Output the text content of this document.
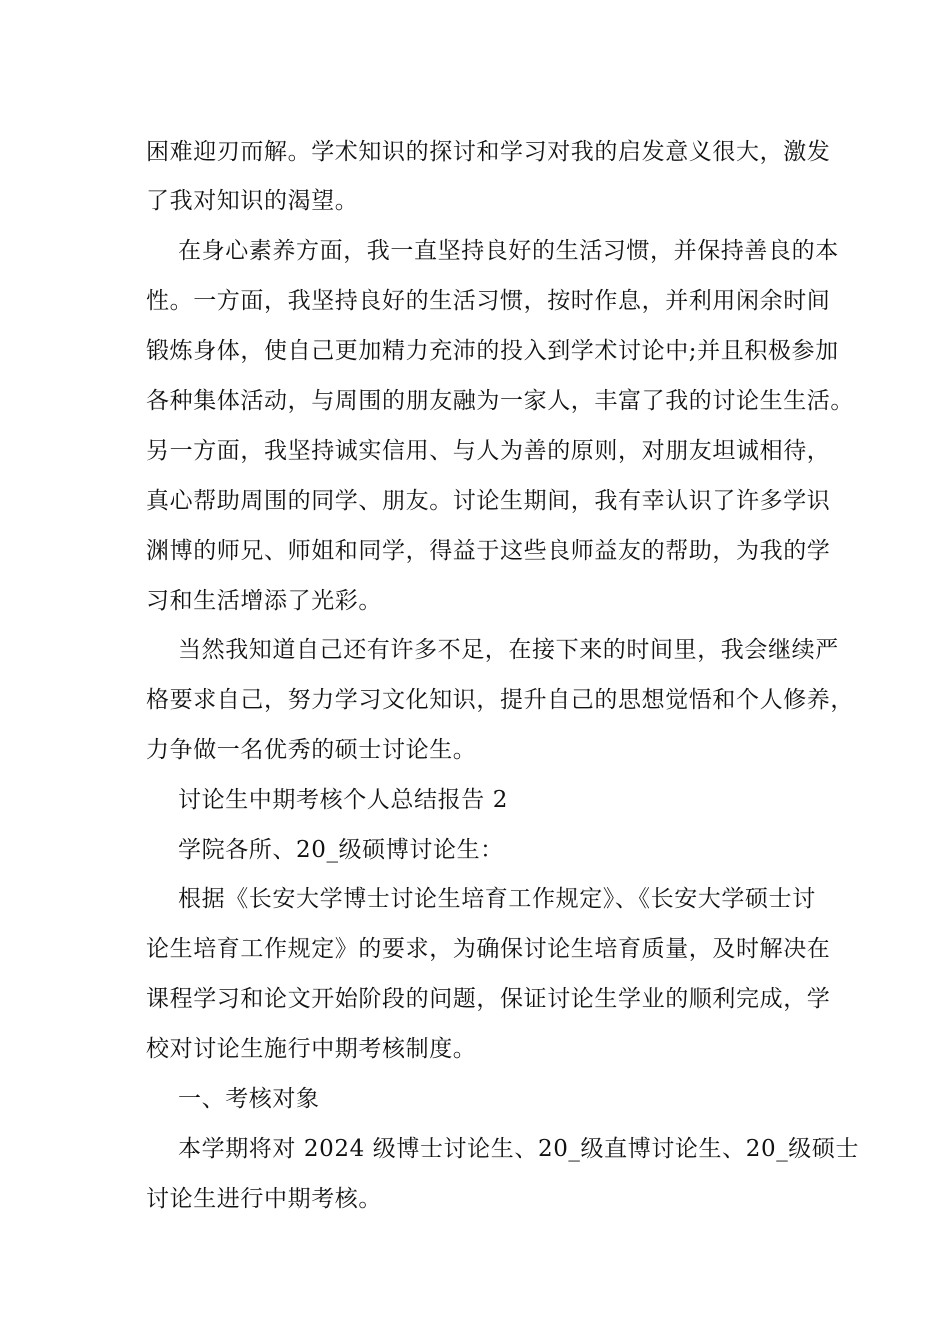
困难迎刃而解。学术知识的探讨和学习对我的启发意义很大，激发
了我对知识的渴望。
在身心素养方面，我一直坚持良好的生活习惯，并保持善良的本
性。一方面，我坚持良好的生活习惯，按时作息，并利用闲余时间
锻炼身体，使自己更加精力充沛的投入到学术讨论中;并且积极参加
各种集体活动，与周围的朋友融为一家人，丰富了我的讨论生生活。
另一方面，我坚持诚实信用、与人为善的原则，对朋友坦诚相待，
真心帮助周围的同学、朋友。讨论生期间，我有幸认识了许多学识
渊博的师兄、师姐和同学，得益于这些良师益友的帮助，为我的学
习和生活增添了光彩。
当然我知道自己还有许多不足，在接下来的时间里，我会继续严
格要求自己，努力学习文化知识，提升自己的思想觉悟和个人修养，
力争做一名优秀的硕士讨论生。
讨论生中期考核个人总结报告 2
学院各所、20_级硕博讨论生：
根据《长安大学博士讨论生培育工作规定》、《长安大学硕士讨
论生培育工作规定》的要求，为确保讨论生培育质量，及时解决在
课程学习和论文开始阶段的问题，保证讨论生学业的顺利完成，学
校对讨论生施行中期考核制度。
一、考核对象
本学期将对 2024 级博士讨论生、20_级直博讨论生、20_级硕士
讨论生进行中期考核。
